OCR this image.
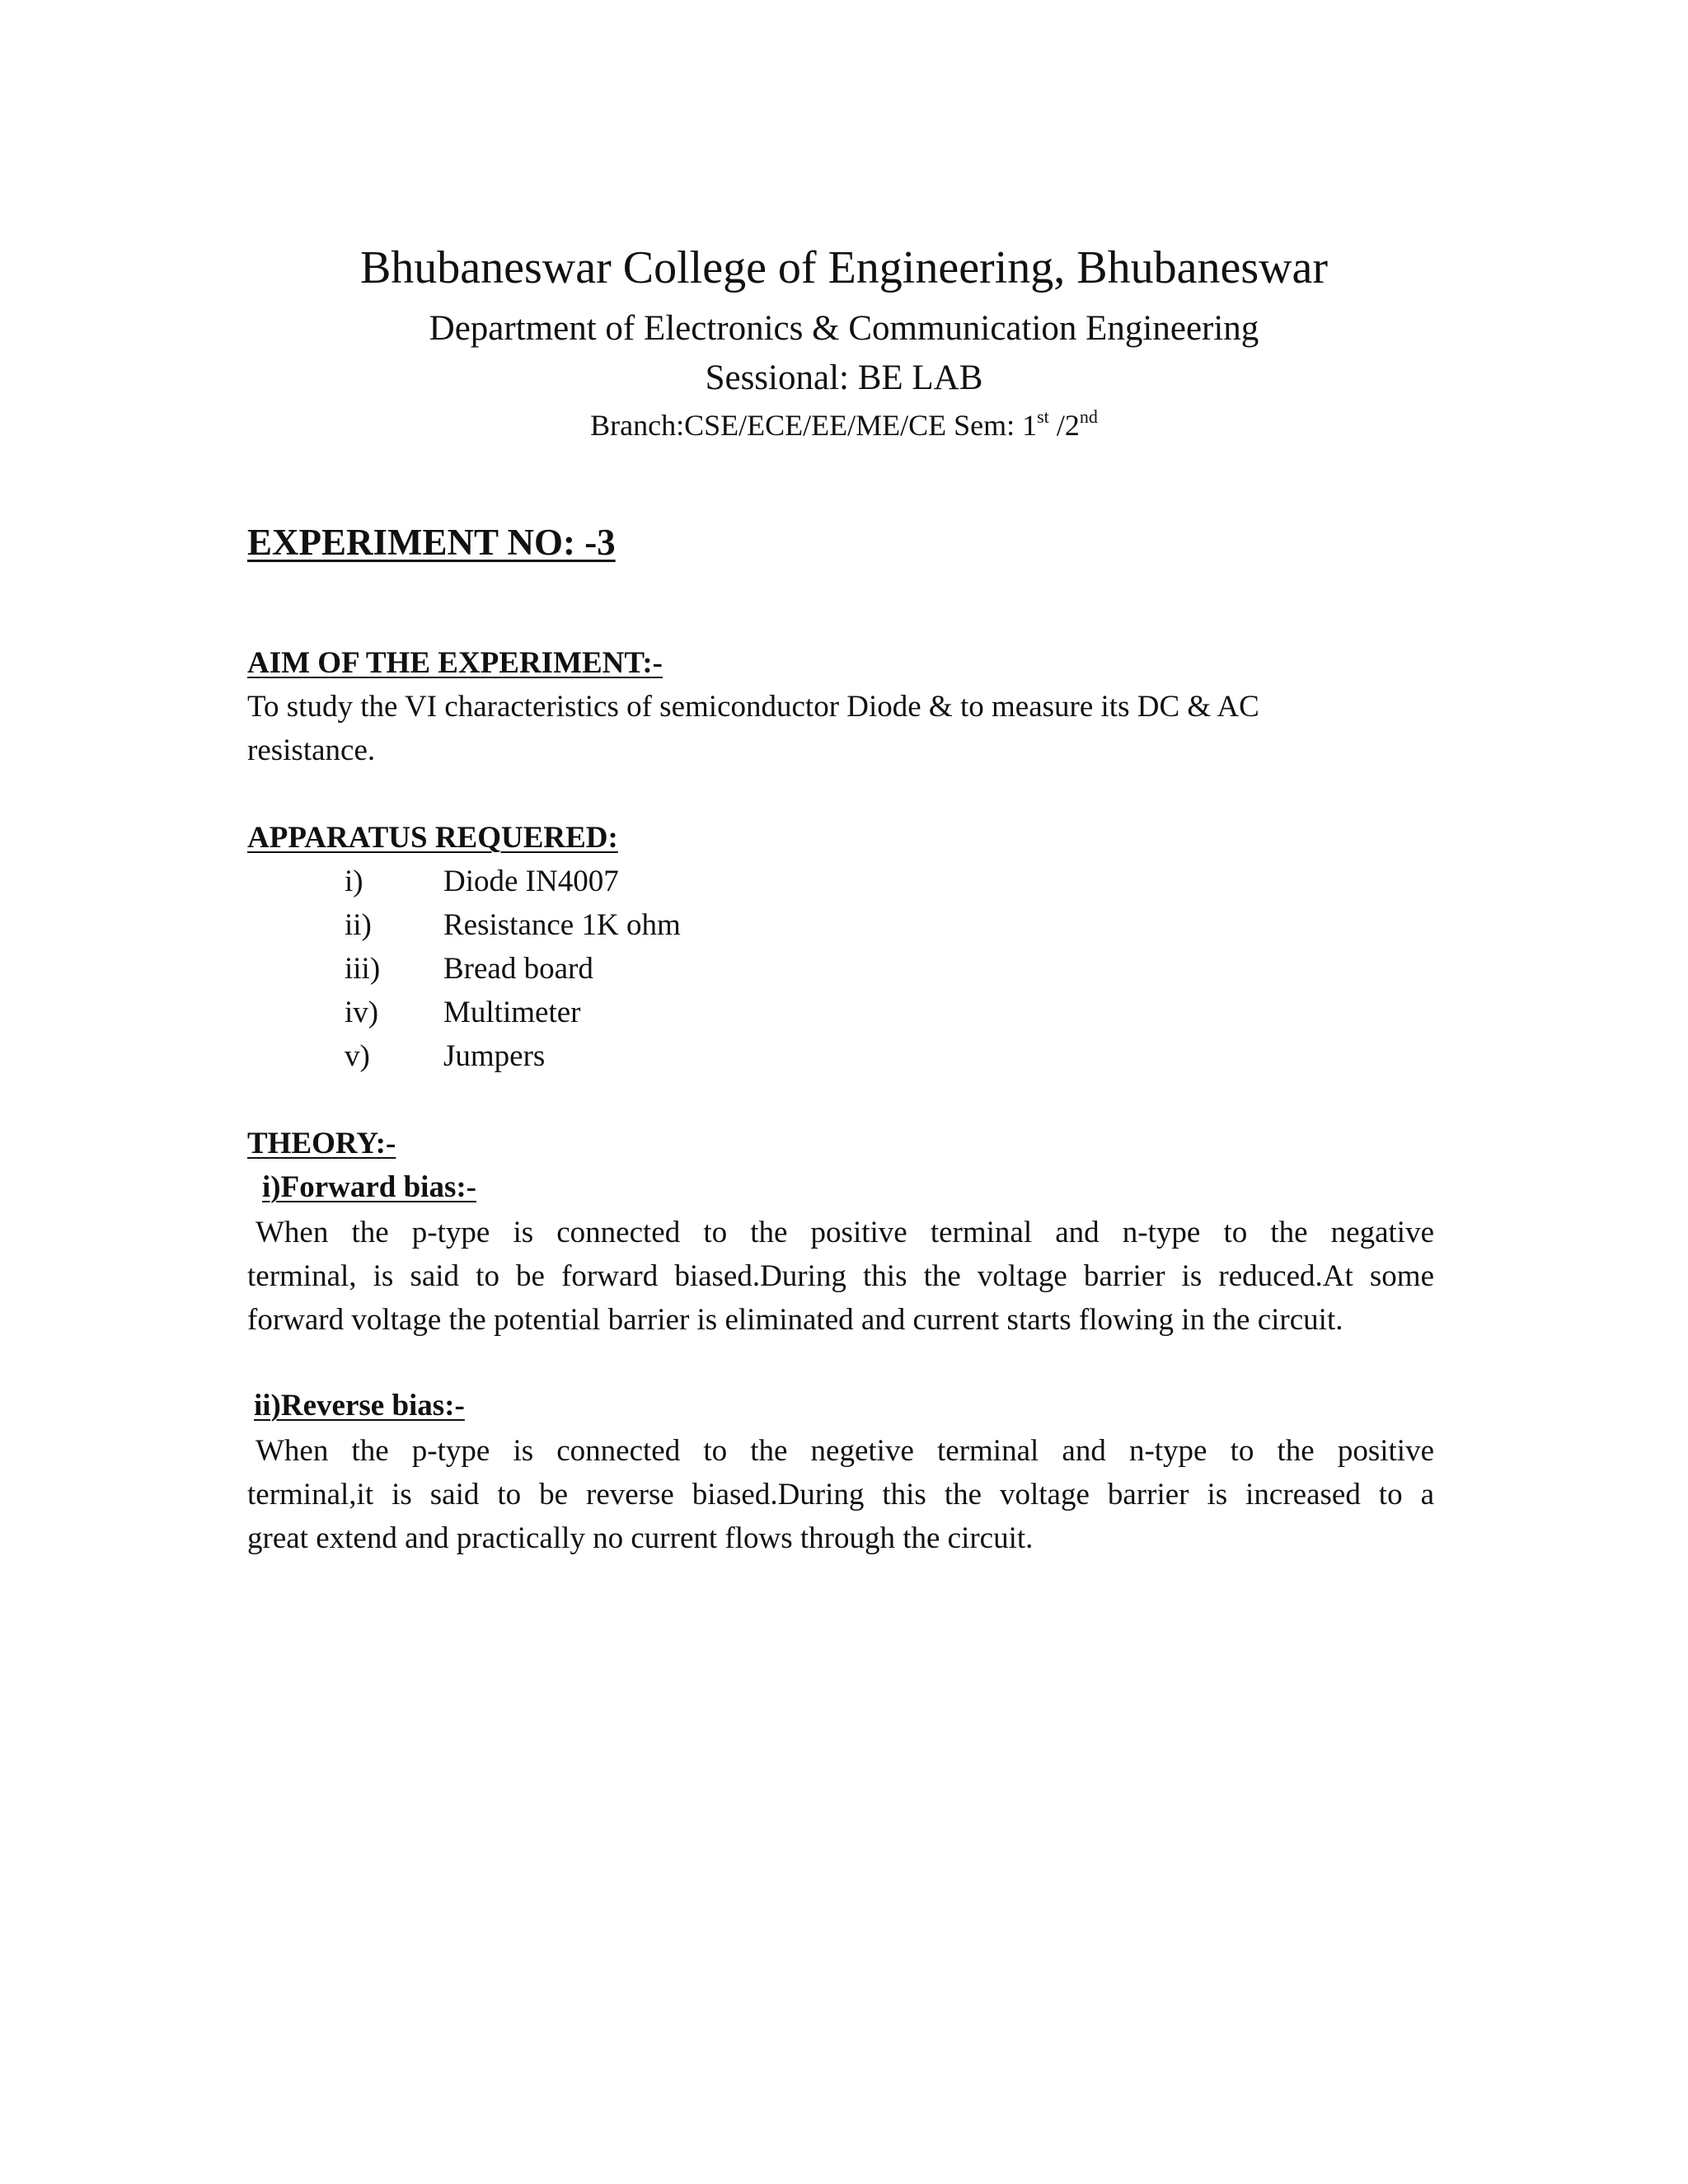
Bhubaneswar College of Engineering, Bhubaneswar
Department of Electronics & Communication Engineering
Sessional: BE LAB
Branch:CSE/ECE/EE/ME/CE Sem: 1st /2nd
EXPERIMENT NO: -3
AIM OF THE EXPERIMENT:-
To study the VI characteristics of semiconductor Diode & to measure its DC & AC
resistance.
APPARATUS REQUERED:
i)	Diode IN4007
ii) Resistance 1K ohm
iii) Bread board
iv) Multimeter
v) Jumpers
THEORY:-
i)Forward bias:-
When the p-type is connected to the positive terminal and n-type to the negative
terminal, is said to be forward biased.During this the voltage barrier is reduced.At some
forward voltage the potential barrier is eliminated and current starts flowing in the circuit.
ii)Reverse bias:-
When the p-type is connected to the negetive terminal and n-type to the positive
terminal,it is said to be reverse biased.During this the voltage barrier is increased to a
great extend and practically no current flows through the circuit.
